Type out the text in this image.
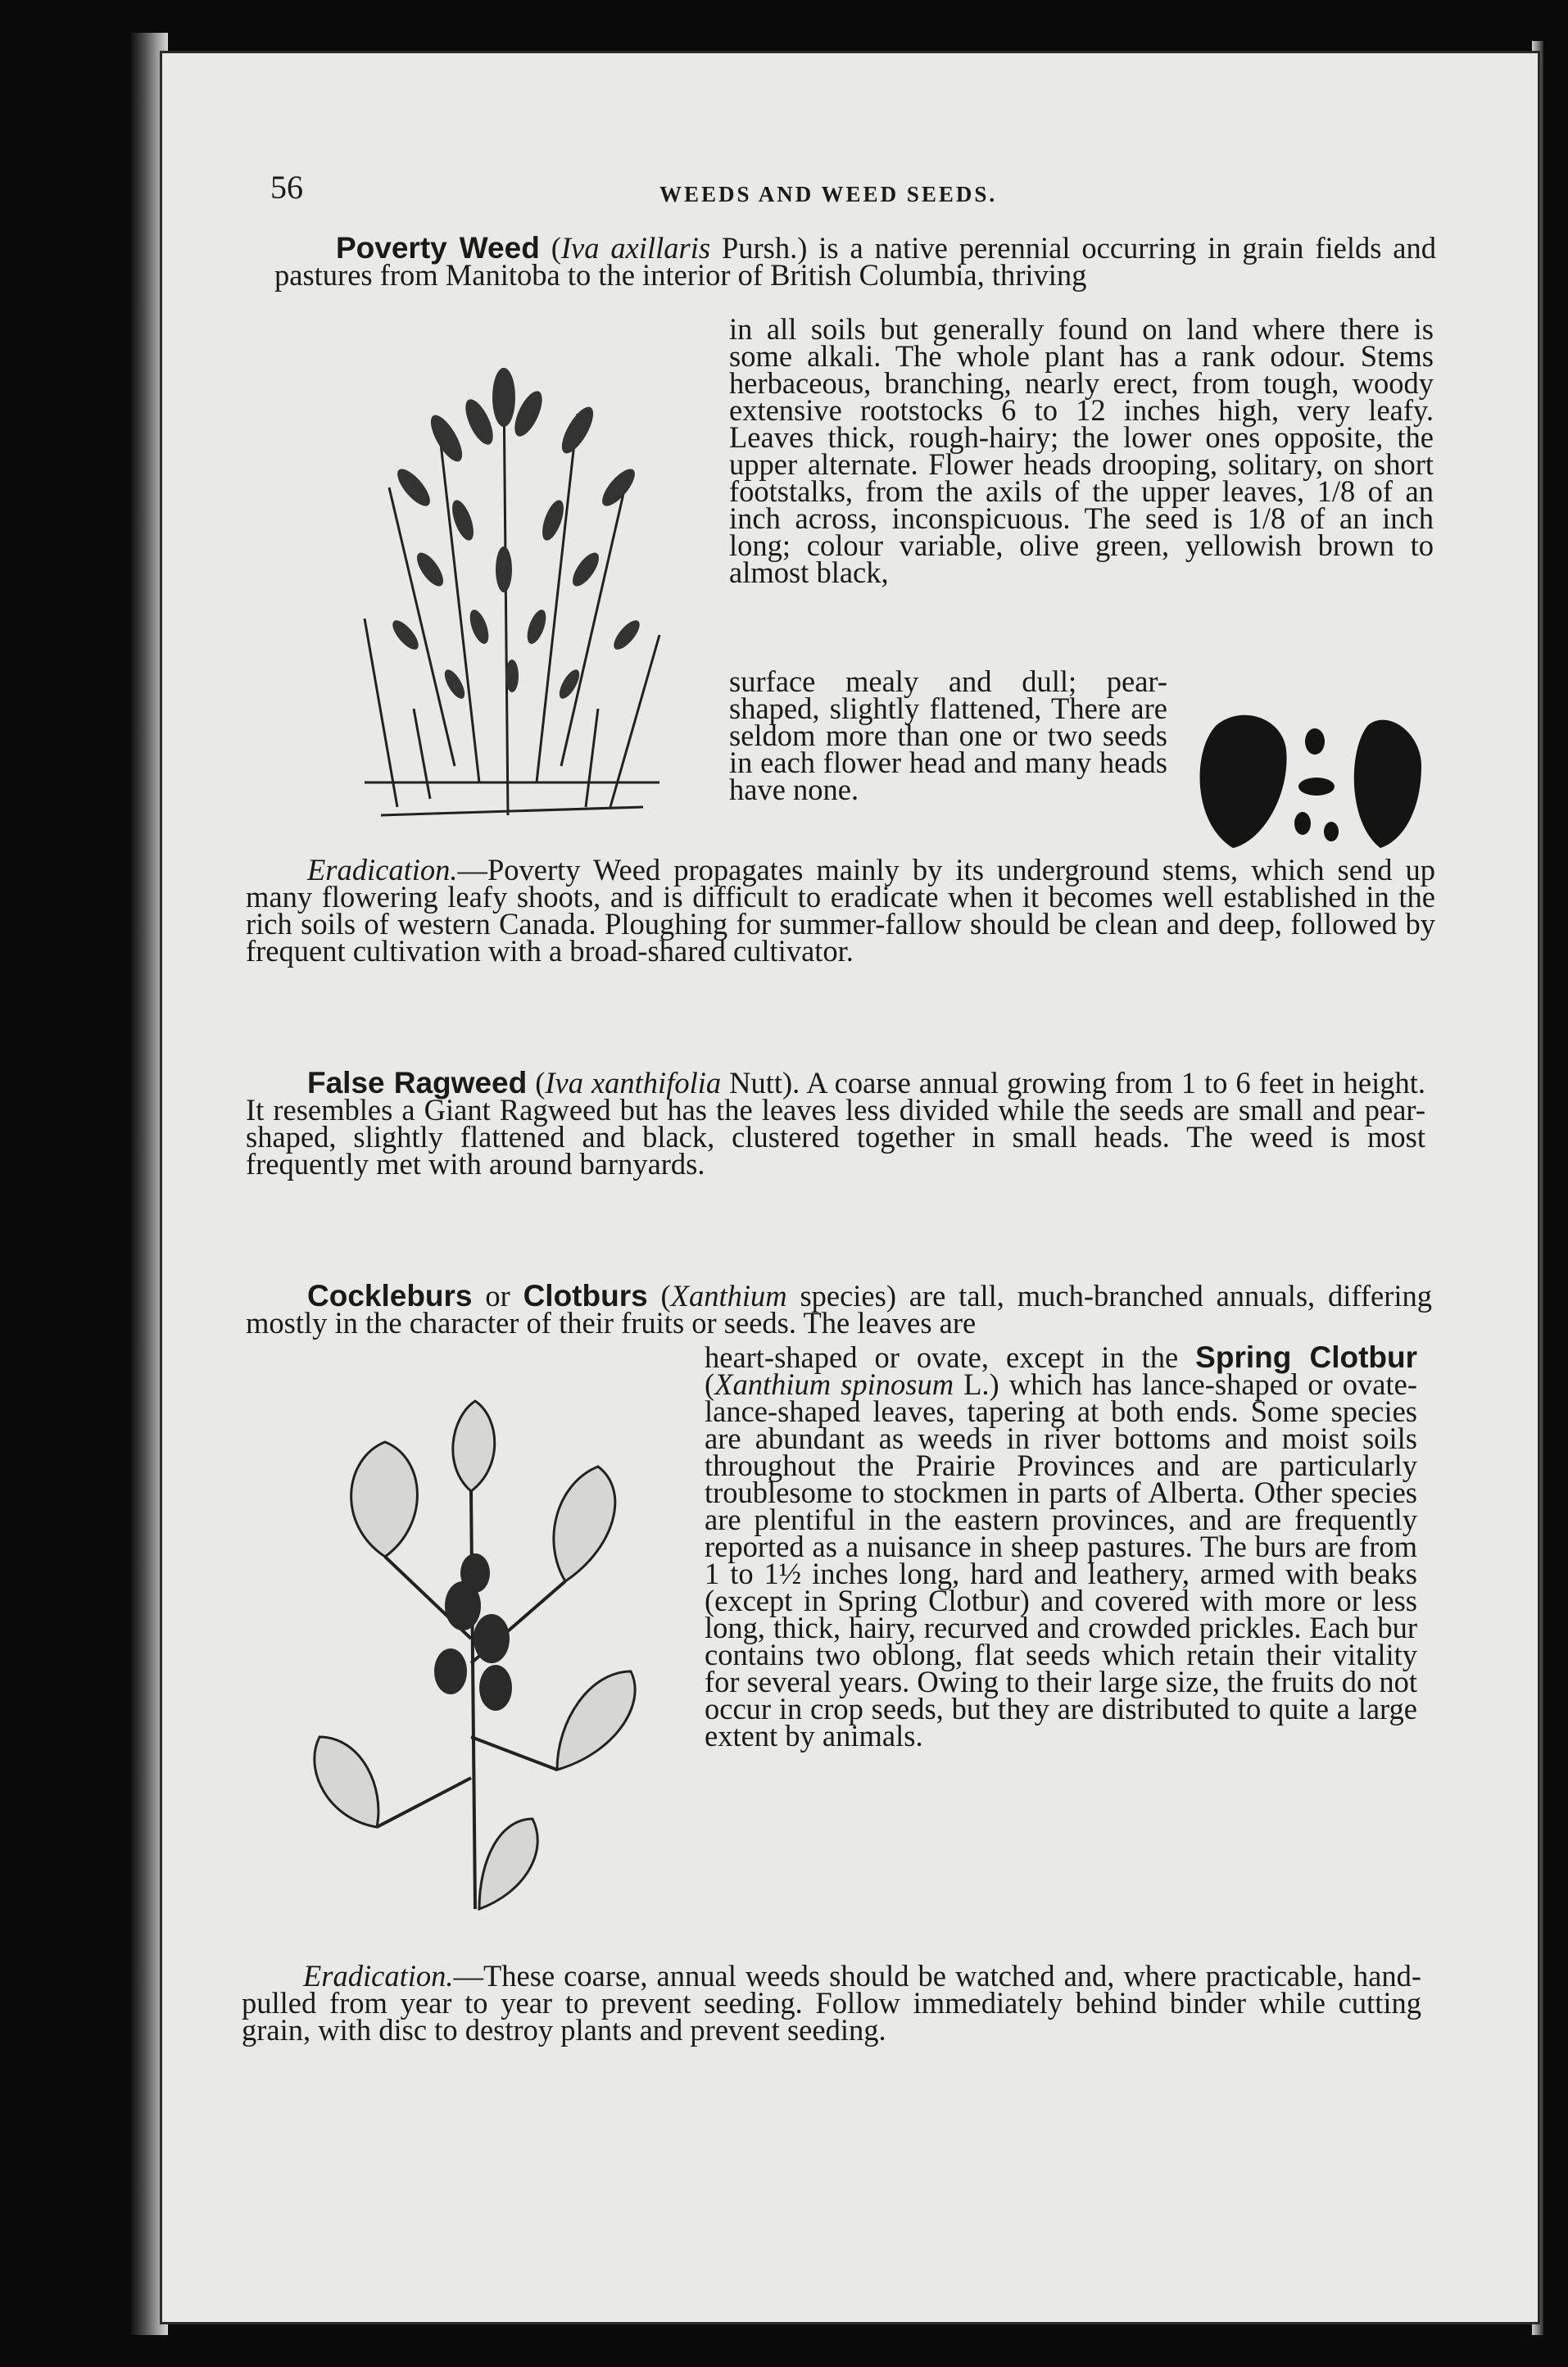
56	WEEDS AND WEED SEEDS.

Poverty Weed (Iva axillaris Pursh.) is a native perennial occurring in grain fields and pastures from Manitoba to the interior of British Columbia, thriving

in all soils but generally found on land where there is some alkali. The whole plant has a rank odour. Stems herbaceous, branching, nearly erect, from tough, woody extensive rootstocks 6 to 12 inches high, very leafy. Leaves thick, rough-hairy; the lower ones opposite, the upper alternate. Flower heads drooping, solitary, on short footstalks, from the axils of the upper leaves, 1/8 of an inch across, inconspicuous. The seed is 1/8 of an inch long; colour variable, olive green, yellowish brown to almost black,

surface mealy and dull; pear-shaped, slightly flattened, There are seldom more than one or two seeds in each flower head and many heads have none.

Eradication.—Poverty Weed propagates mainly by its underground stems, which send up many flowering leafy shoots, and is difficult to eradicate when it becomes well established in the rich soils of western Canada. Ploughing for summer-fallow should be clean and deep, followed by frequent cultivation with a broad-shared cultivator.

False Ragweed (Iva xanthifolia Nutt). A coarse annual growing from 1 to 6 feet in height. It resembles a Giant Ragweed but has the leaves less divided while the seeds are small and pear-shaped, slightly flattened and black, clustered together in small heads. The weed is most frequently met with around barnyards.

Cockleburs or Clotburs (Xanthium species) are tall, much-branched annuals, differing mostly in the character of their fruits or seeds. The leaves are

heart-shaped or ovate, except in the Spring Clotbur (Xanthium spinosum L.) which has lance-shaped or ovate-lance-shaped leaves, tapering at both ends. Some species are abundant as weeds in river bottoms and moist soils throughout the Prairie Provinces and are particularly troublesome to stockmen in parts of Alberta. Other species are plentiful in the eastern provinces, and are frequently reported as a nuisance in sheep pastures. The burs are from 1 to 1½ inches long, hard and leathery, armed with beaks (except in Spring Clotbur) and covered with more or less long, thick, hairy, recurved and crowded prickles. Each bur contains two oblong, flat seeds which retain their vitality for several years. Owing to their large size, the fruits do not occur in crop seeds, but they are distributed to quite a large extent by animals.

Eradication.—These coarse, annual weeds should be watched and, where practicable, hand-pulled from year to year to prevent seeding. Follow immediately behind binder while cutting grain, with disc to destroy plants and prevent seeding.
